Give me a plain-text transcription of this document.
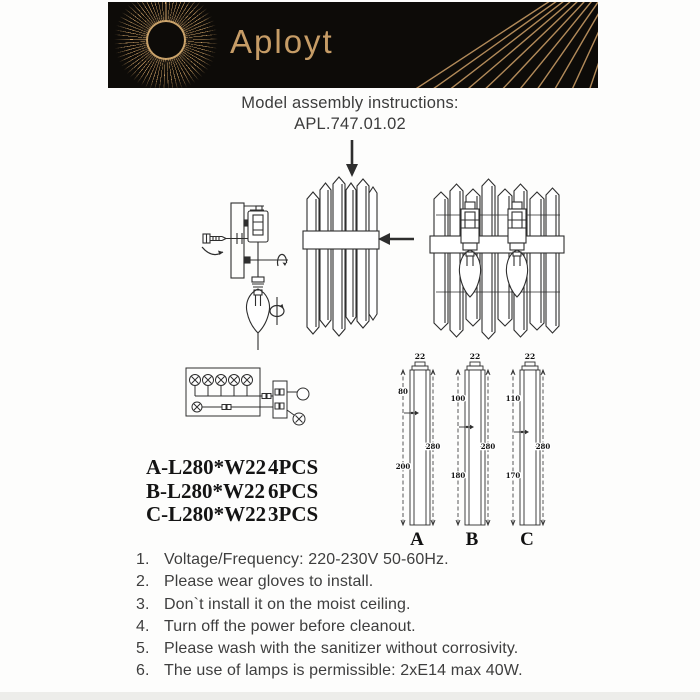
Aployt
Model assembly instructions:
APL.747.01.02
22
80
200
280
A
22
100
180
280
B
22
110
170
280
C
A-L280*W224PCS
B-L280*W22 6PCS
C-L280*W223PCS
1. Voltage/Frequency: 220-230V 50-60Hz.
2. Please wear gloves to install.
3. Don`t install it on the moist ceiling.
4. Turn off the power before cleanout.
5. Please wash with the sanitizer without corrosivity.
6. The use of lamps is permissible: 2xE14 max 40W.
